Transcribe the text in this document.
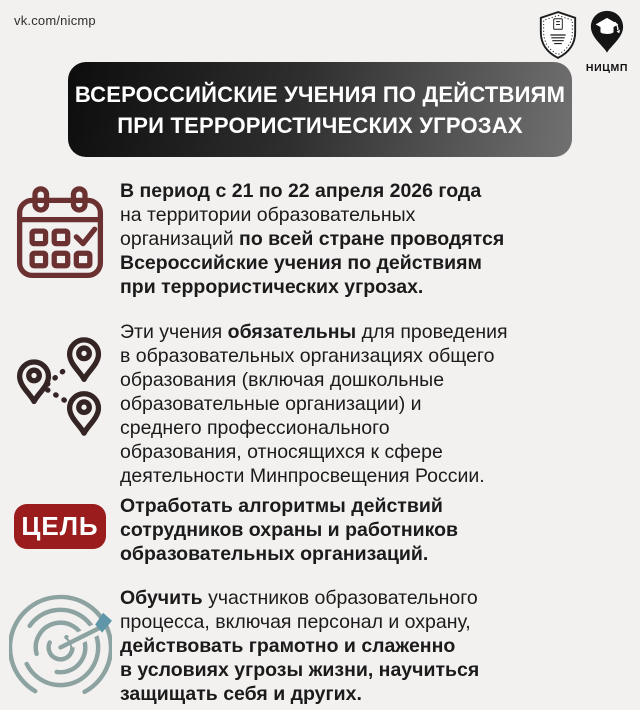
vk.com/nicmp
НИЦМП
ВСЕРОССИЙСКИЕ УЧЕНИЯ ПО ДЕЙСТВИЯМ
ПРИ ТЕРРОРИСТИЧЕСКИХ УГРОЗАХ
В период с 21 по 22 апреля 2026 года
на территории образовательных
организаций по всей стране проводятся
Всероссийские учения по действиям
при террористических угрозах.
Эти учения обязательны для проведения
в образовательных организациях общего
образования (включая дошкольные
образовательные организации) и
среднего профессионального
образования, относящихся к сфере
деятельности Минпросвещения России.
ЦЕЛЬ
Отработать алгоритмы действий
сотрудников охраны и работников
образовательных организаций.
Обучить участников образовательного
процесса, включая персонал и охрану,
действовать грамотно и слаженно
в условиях угрозы жизни, научиться
защищать себя и других.
